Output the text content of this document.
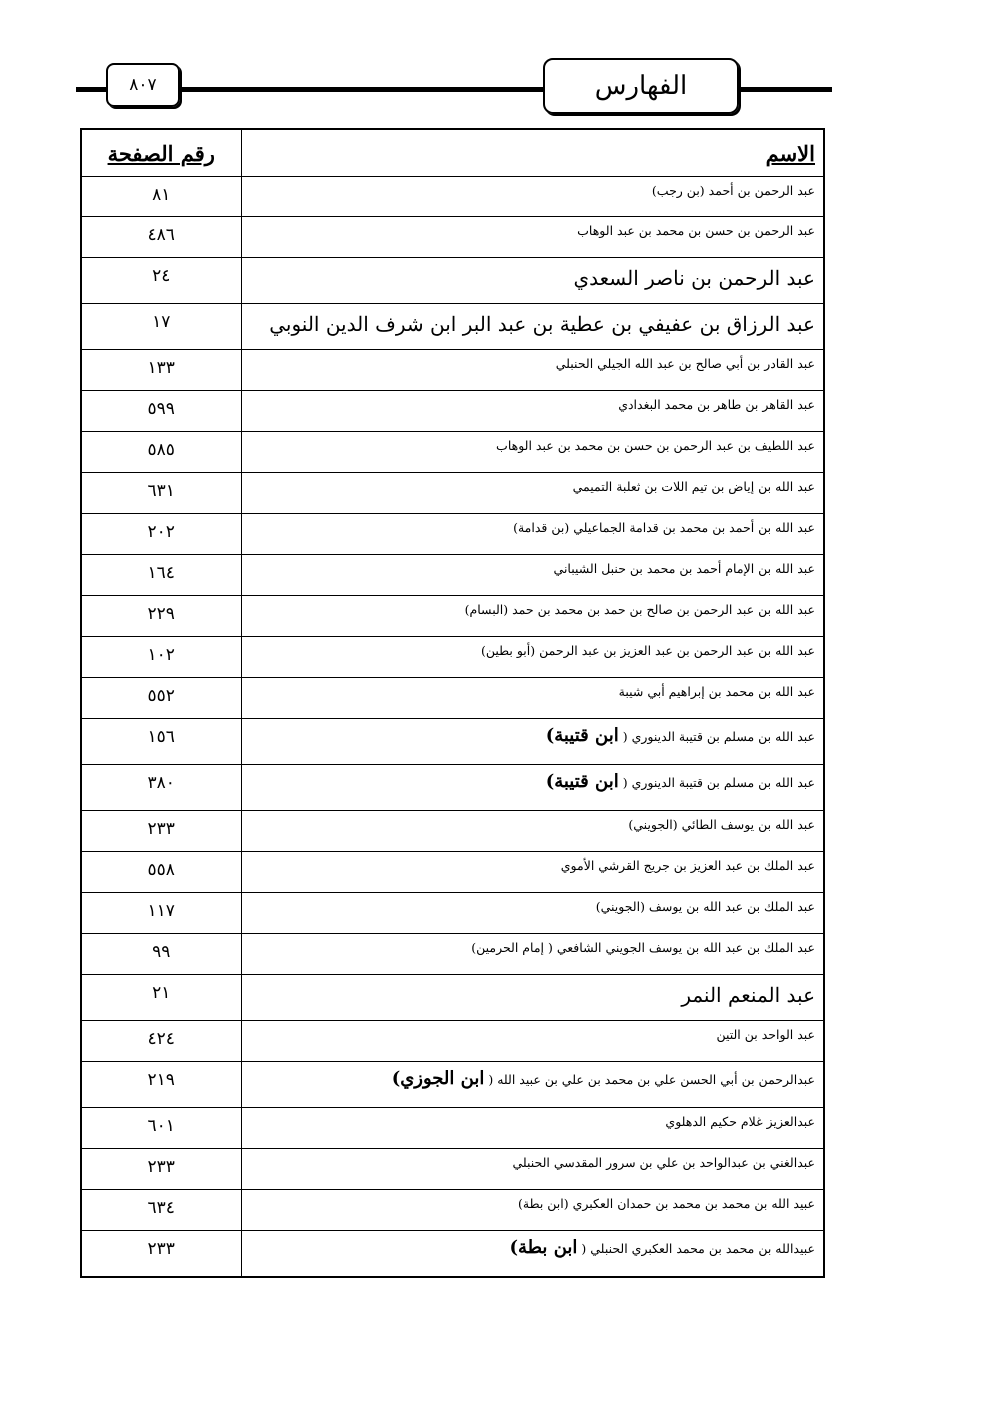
٨٠٧	الفهارس
رقم الصفحة	الاسم
٨١	عبد الرحمن بن أحمد (بن رجب)
٤٨٦	عبد الرحمن بن حسن بن محمد بن عبد الوهاب
٢٤	عبد الرحمن بن ناصر السعدي
١٧	عبد الرزاق بن عفيفي بن عطية بن عبد البر ابن شرف الدين النوبي
١٣٣	عبد القادر بن أبي صالح بن عبد الله الجيلي الحنبلي
٥٩٩	عبد القاهر بن طاهر بن محمد البغدادي
٥٨٥	عبد اللطيف بن عبد الرحمن بن حسن بن محمد بن عبد الوهاب
٦٣١	عبد الله بن إياض بن تيم اللات بن ثعلبة التميمي
٢٠٢	عبد الله بن أحمد بن محمد بن قدامة الجماعيلي (بن قدامة)
١٦٤	عبد الله بن الإمام أحمد بن محمد بن حنبل الشيباني
٢٢٩	عبد الله بن عبد الرحمن بن صالح بن حمد بن محمد بن حمد (البسام)
١٠٢	عبد الله بن عبد الرحمن بن عبد العزيز بن عبد الرحمن (أبو بطين)
٥٥٢	عبد الله بن محمد بن إبراهيم أبي شيبة
١٥٦	عبد الله بن مسلم بن قتيبة الدينوري ( ابن قتيبة)
٣٨٠	عبد الله بن مسلم بن قتيبة الدينوري ( ابن قتيبة)
٢٣٣	عبد الله بن يوسف الطائي (الجويني)
٥٥٨	عبد الملك بن عبد العزيز بن جريج القرشي الأموي
١١٧	عبد الملك بن عبد الله بن يوسف (الجويني)
٩٩	عبد الملك بن عبد الله بن يوسف الجويني الشافعي ( إمام الحرمين)
٢١	عبد المنعم النمر
٤٢٤	عبد الواحد بن التين
٢١٩	عبدالرحمن بن أبي الحسن علي بن محمد بن علي بن عبيد الله ( ابن الجوزي)
٦٠١	عبدالعزيز غلام حكيم الدهلوي
٢٣٣	عبدالغني بن عبدالواحد بن علي بن سرور المقدسي الحنبلي
٦٣٤	عبيد الله بن محمد بن محمد بن حمدان العكبري (ابن بطة)
٢٣٣	عبيدالله بن محمد بن محمد العكبري الحنبلي ( ابن بطة)
